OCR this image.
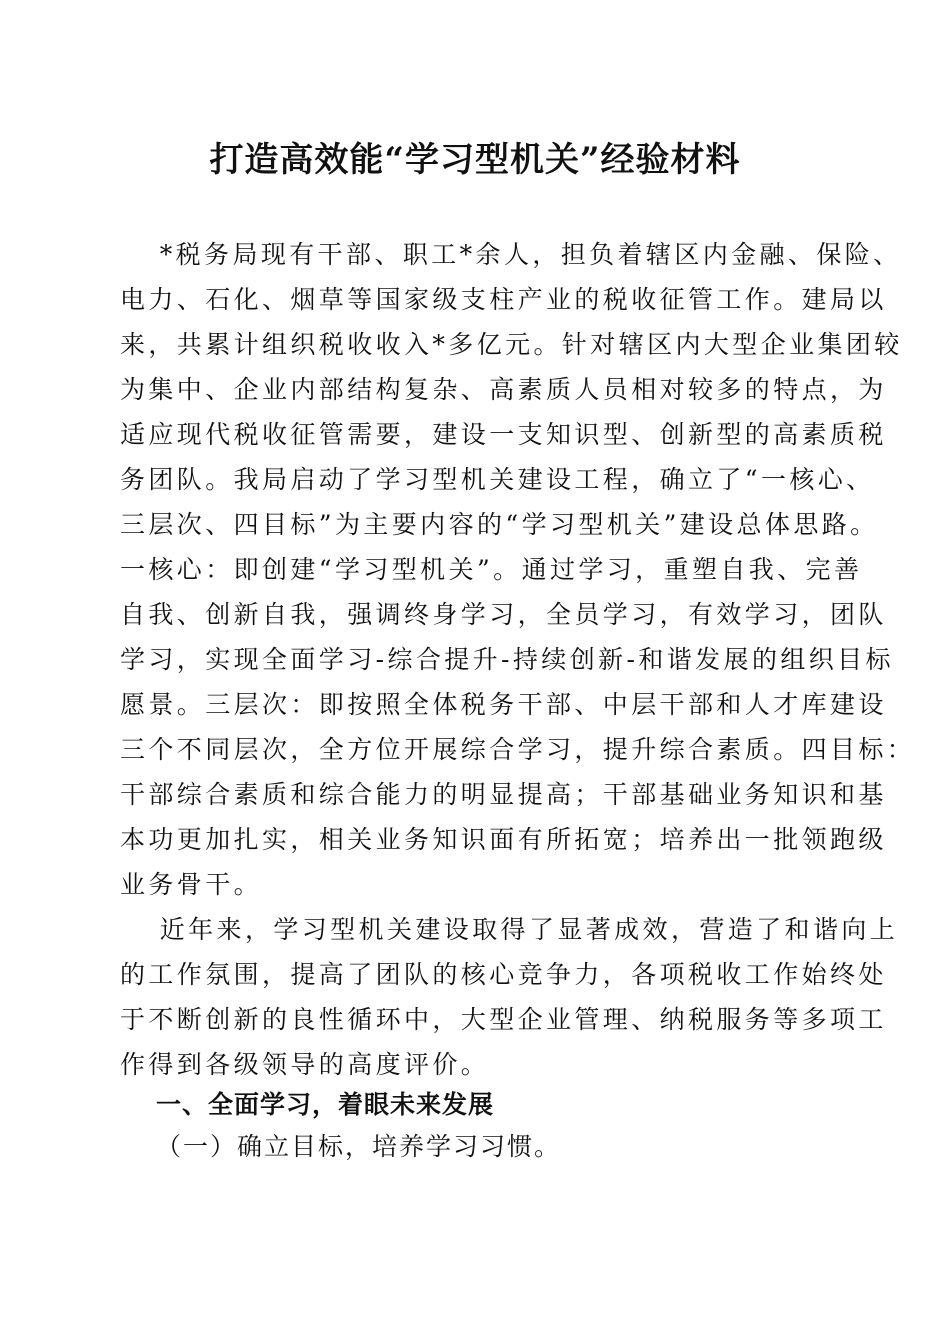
打造高效能“学习型机关”经验材料
　 *税务局现有干部、职工*余人，担负着辖区内金融、保险、
电力、石化、烟草等国家级支柱产业的税收征管工作。建局以
来，共累计组织税收收入*多亿元。针对辖区内大型企业集团较
为集中、企业内部结构复杂、高素质人员相对较多的特点，为
适应现代税收征管需要，建设一支知识型、创新型的高素质税
务团队。我局启动了学习型机关建设工程，确立了“一核心、
三层次、四目标”为主要内容的“学习型机关”建设总体思路。
一核心：即创建“学习型机关”。通过学习，重塑自我、完善
自我、创新自我，强调终身学习，全员学习，有效学习，团队
学习，实现全面学习-综合提升-持续创新-和谐发展的组织目标
愿景。三层次：即按照全体税务干部、中层干部和人才库建设
三个不同层次，全方位开展综合学习，提升综合素质。四目标：
干部综合素质和综合能力的明显提高；干部基础业务知识和基
本功更加扎实，相关业务知识面有所拓宽；培养出一批领跑级
业务骨干。
　 近年来，学习型机关建设取得了显著成效，营造了和谐向上
的工作氛围，提高了团队的核心竞争力，各项税收工作始终处
于不断创新的良性循环中，大型企业管理、纳税服务等多项工
作得到各级领导的高度评价。
一、全面学习，着眼未来发展
（一）确立目标，培养学习习惯。
